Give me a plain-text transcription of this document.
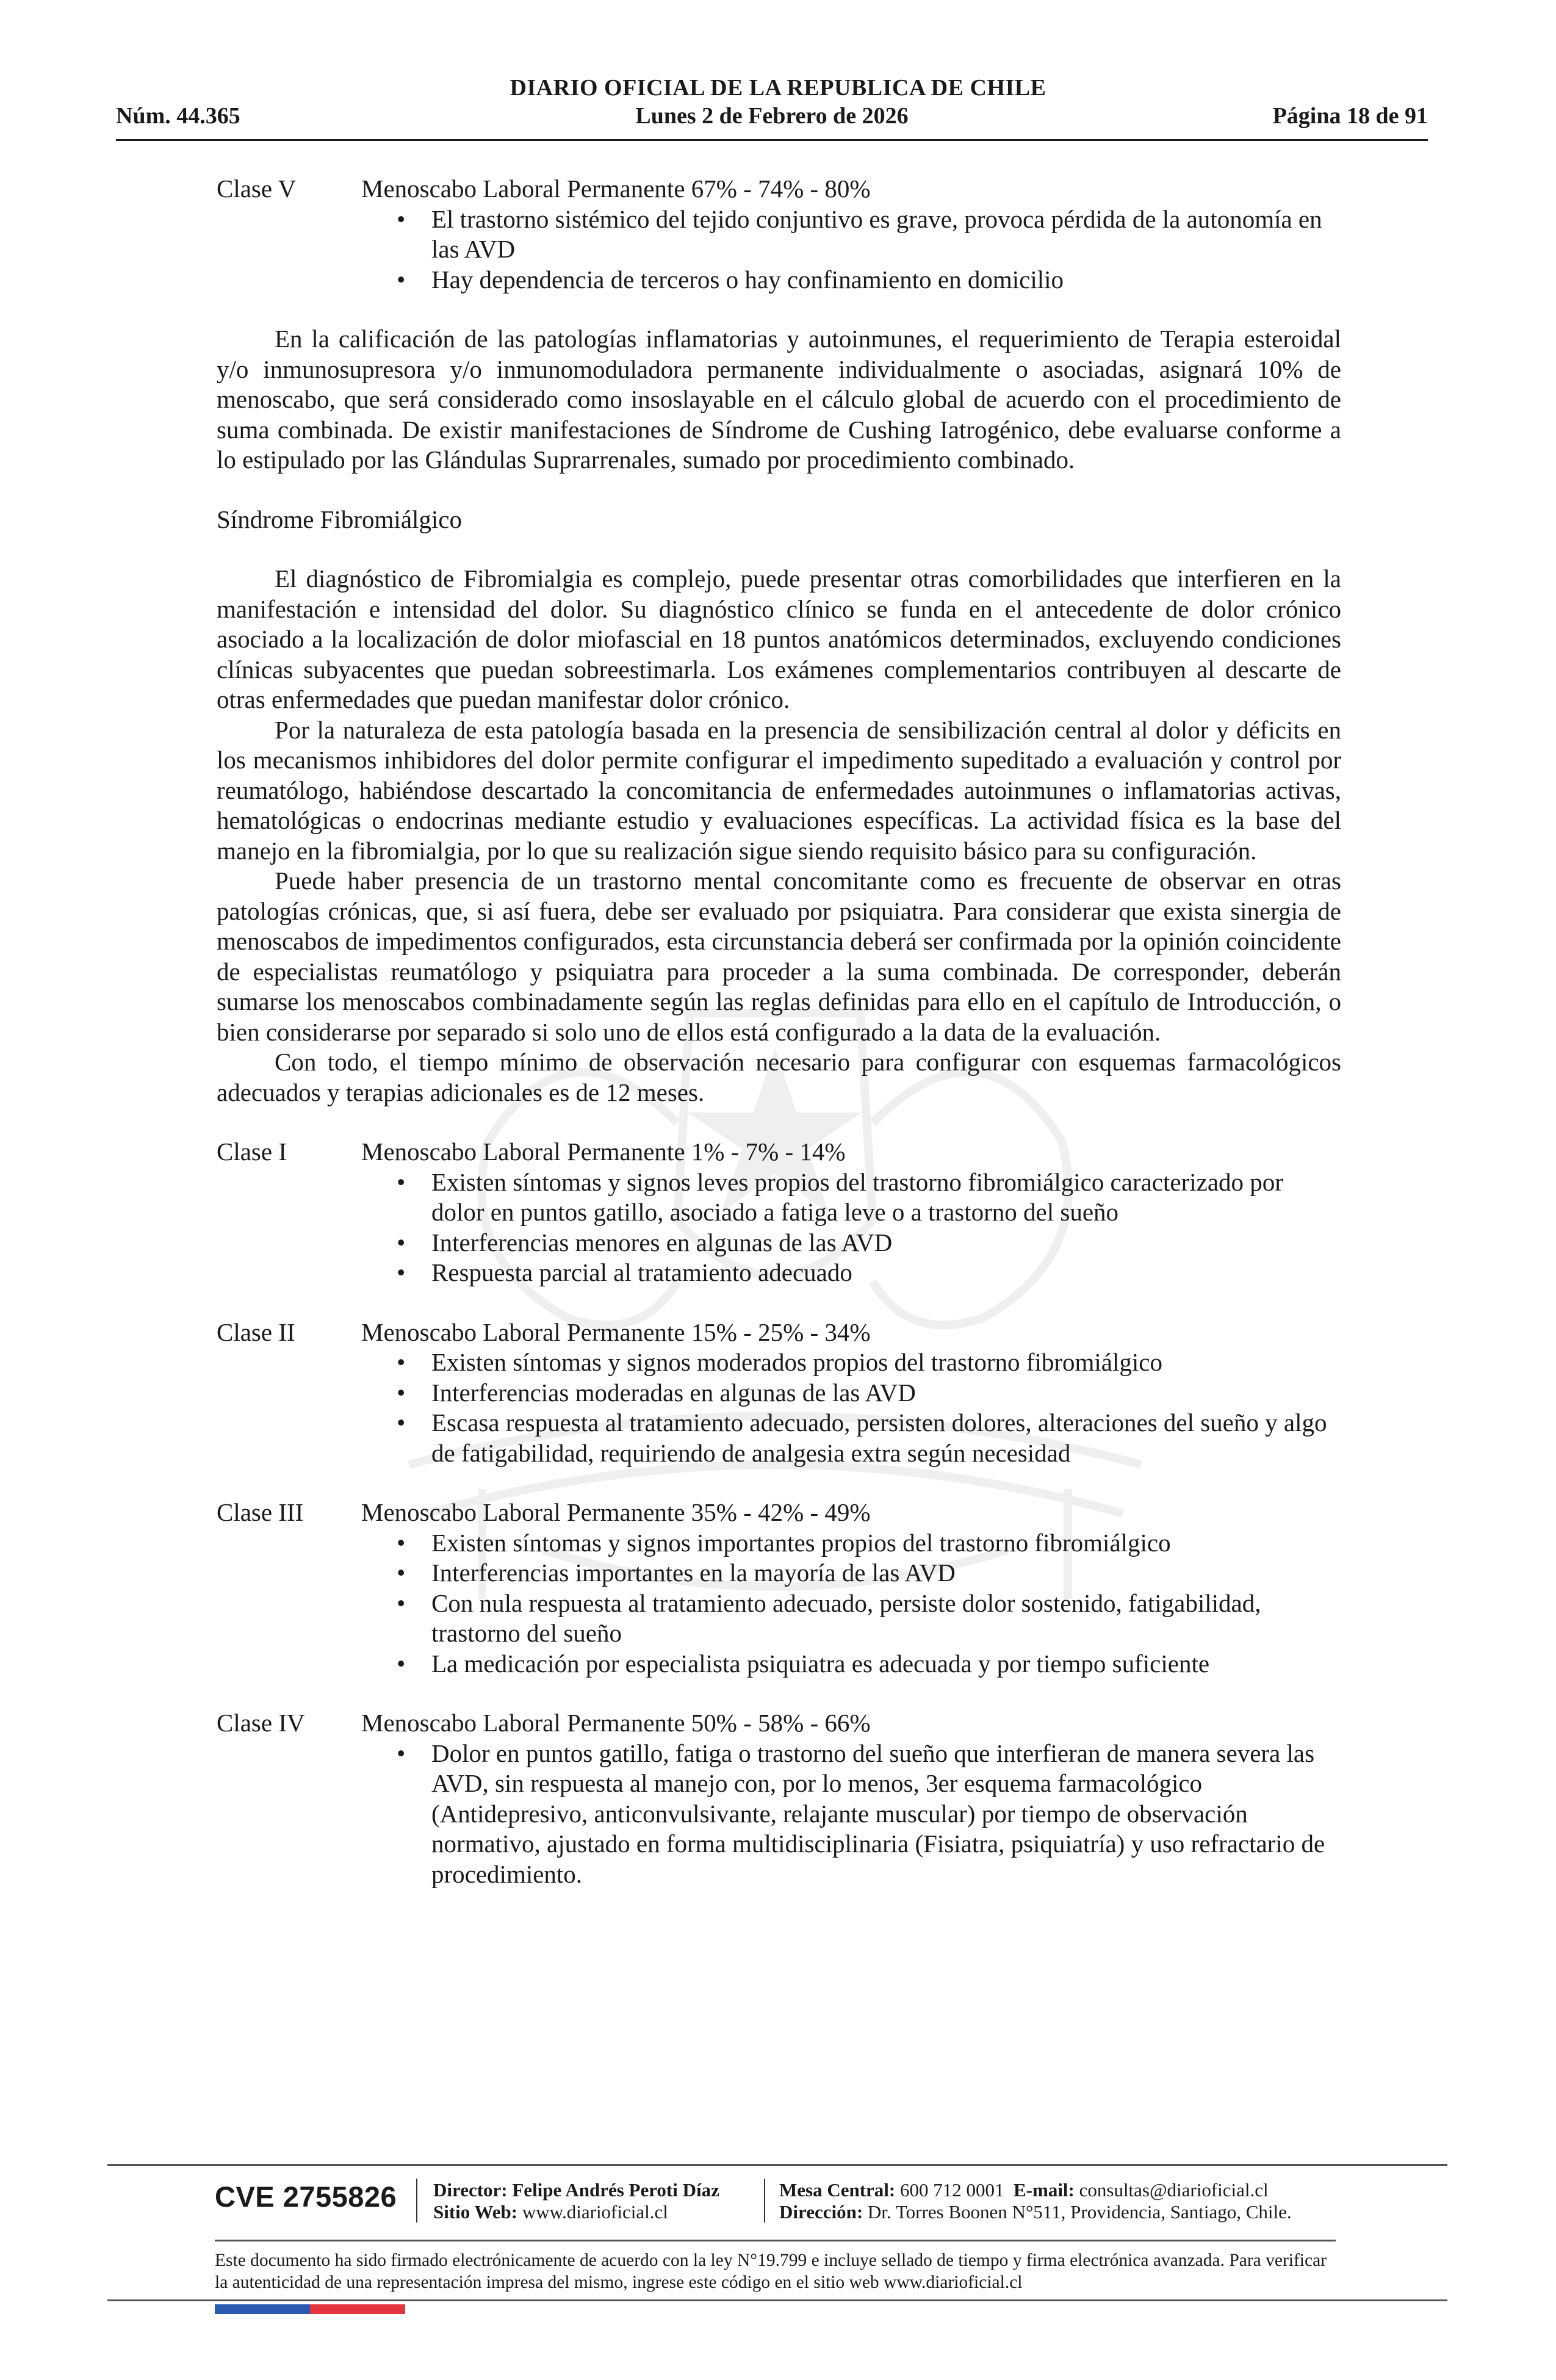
DIARIO OFICIAL DE LA REPUBLICA DE CHILE
Lunes 2 de Febrero de 2026
Núm. 44.365	Página 18 de 91
Clase V	Menoscabo Laboral Permanente 67% - 74% - 80%
• El trastorno sistémico del tejido conjuntivo es grave, provoca pérdida de la autonomía en las AVD
• Hay dependencia de terceros o hay confinamiento en domicilio

En la calificación de las patologías inflamatorias y autoinmunes, el requerimiento de Terapia esteroidal y/o inmunosupresora y/o inmunomoduladora permanente individualmente o asociadas, asignará 10% de menoscabo, que será considerado como insoslayable en el cálculo global de acuerdo con el procedimiento de suma combinada. De existir manifestaciones de Síndrome de Cushing Iatrogénico, debe evaluarse conforme a lo estipulado por las Glándulas Suprarrenales, sumado por procedimiento combinado.

Síndrome Fibromiálgico

El diagnóstico de Fibromialgia es complejo, puede presentar otras comorbilidades que interfieren en la manifestación e intensidad del dolor. Su diagnóstico clínico se funda en el antecedente de dolor crónico asociado a la localización de dolor miofascial en 18 puntos anatómicos determinados, excluyendo condiciones clínicas subyacentes que puedan sobreestimarla. Los exámenes complementarios contribuyen al descarte de otras enfermedades que puedan manifestar dolor crónico.

Por la naturaleza de esta patología basada en la presencia de sensibilización central al dolor y déficits en los mecanismos inhibidores del dolor permite configurar el impedimento supeditado a evaluación y control por reumatólogo, habiéndose descartado la concomitancia de enfermedades autoinmunes o inflamatorias activas, hematológicas o endocrinas mediante estudio y evaluaciones específicas. La actividad física es la base del manejo en la fibromialgia, por lo que su realización sigue siendo requisito básico para su configuración.

Puede haber presencia de un trastorno mental concomitante como es frecuente de observar en otras patologías crónicas, que, si así fuera, debe ser evaluado por psiquiatra. Para considerar que exista sinergia de menoscabos de impedimentos configurados, esta circunstancia deberá ser confirmada por la opinión coincidente de especialistas reumatólogo y psiquiatra para proceder a la suma combinada. De corresponder, deberán sumarse los menoscabos combinadamente según las reglas definidas para ello en el capítulo de Introducción, o bien considerarse por separado si solo uno de ellos está configurado a la data de la evaluación.

Con todo, el tiempo mínimo de observación necesario para configurar con esquemas farmacológicos adecuados y terapias adicionales es de 12 meses.

Clase I	Menoscabo Laboral Permanente 1% - 7% - 14%
• Existen síntomas y signos leves propios del trastorno fibromiálgico caracterizado por dolor en puntos gatillo, asociado a fatiga leve o a trastorno del sueño
• Interferencias menores en algunas de las AVD
• Respuesta parcial al tratamiento adecuado
Clase II	Menoscabo Laboral Permanente 15% - 25% - 34%
• Existen síntomas y signos moderados propios del trastorno fibromiálgico
• Interferencias moderadas en algunas de las AVD
• Escasa respuesta al tratamiento adecuado, persisten dolores, alteraciones del sueño y algo de fatigabilidad, requiriendo de analgesia extra según necesidad
Clase III	Menoscabo Laboral Permanente 35% - 42% - 49%
• Existen síntomas y signos importantes propios del trastorno fibromiálgico
• Interferencias importantes en la mayoría de las AVD
• Con nula respuesta al tratamiento adecuado, persiste dolor sostenido, fatigabilidad, trastorno del sueño
• La medicación por especialista psiquiatra es adecuada y por tiempo suficiente
Clase IV	Menoscabo Laboral Permanente 50% - 58% - 66%
• Dolor en puntos gatillo, fatiga o trastorno del sueño que interfieran de manera severa las AVD, sin respuesta al manejo con, por lo menos, 3er esquema farmacológico (Antidepresivo, anticonvulsivante, relajante muscular) por tiempo de observación normativo, ajustado en forma multidisciplinaria (Fisiatra, psiquiatría) y uso refractario de procedimiento.
CVE 2755826 Director: Felipe Andrés Peroti Díaz
Sitio Web: www.diarioficial.cl
Mesa Central: 600 712 0001 E-mail: consultas@diarioficial.cl
Dirección: Dr. Torres Boonen N°511, Providencia, Santiago, Chile.
Este documento ha sido firmado electrónicamente de acuerdo con la ley N°19.799 e incluye sellado de tiempo y firma electrónica avanzada. Para verificar la autenticidad de una representación impresa del mismo, ingrese este código en el sitio web www.diarioficial.cl
